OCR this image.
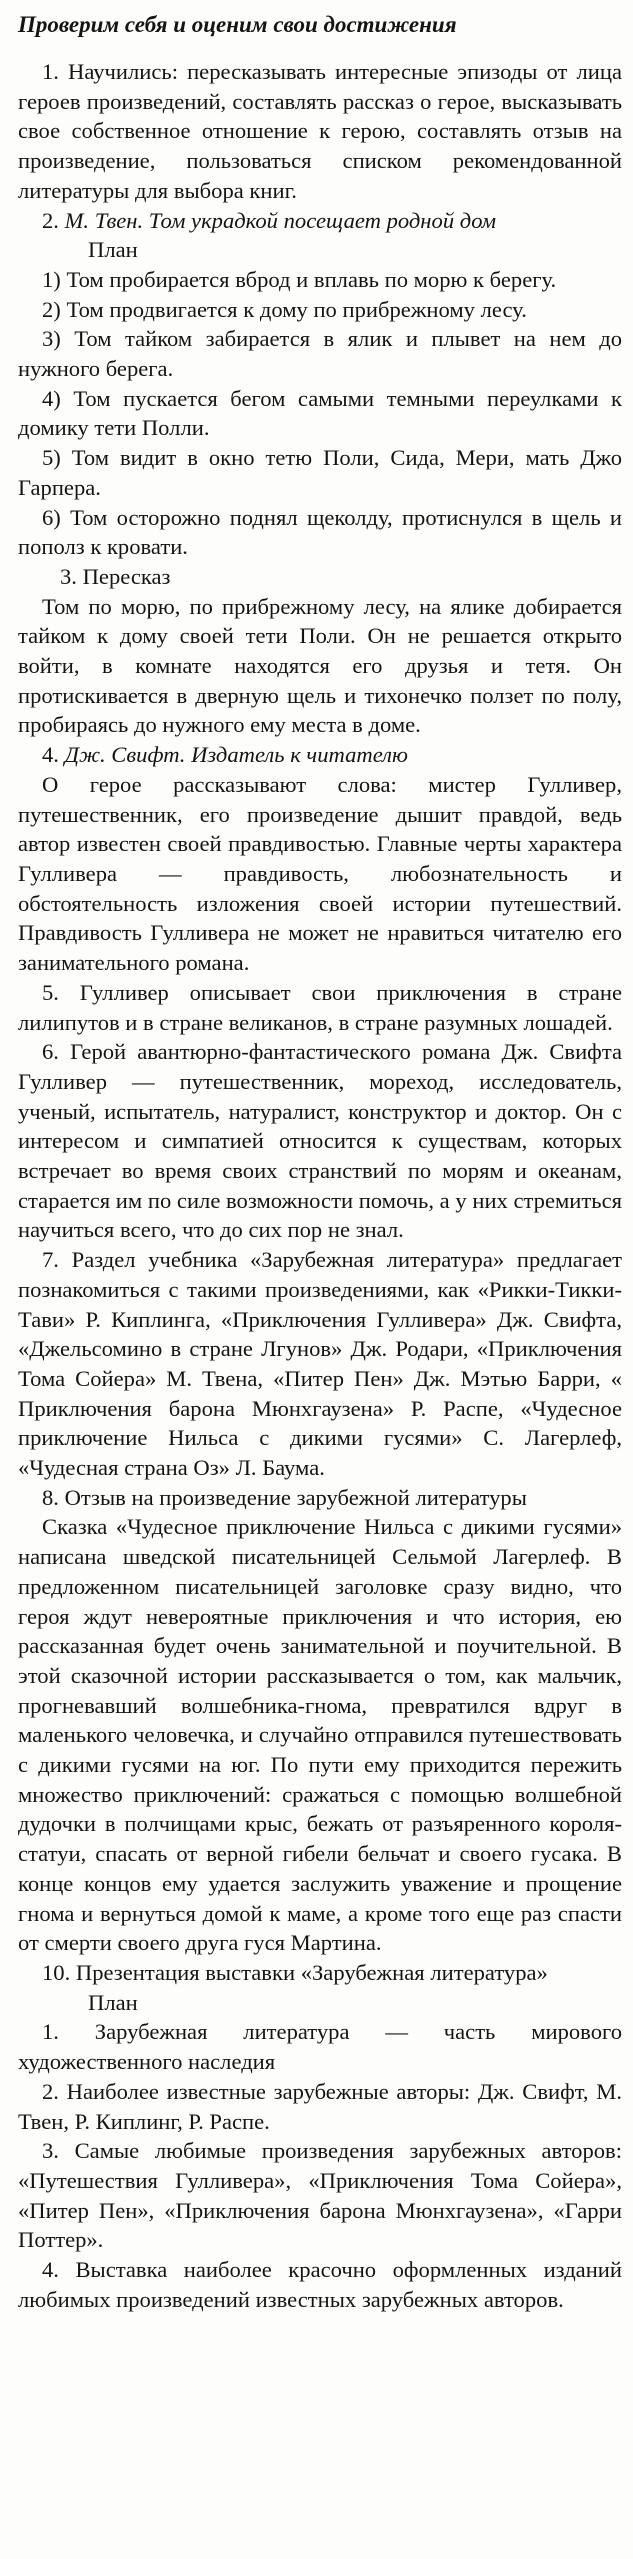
Проверим себя и оценим свои достижения

1. Научились: пересказывать интересные эпизоды от лица героев произведений, составлять рассказ о герое, высказывать свое собственное отношение к герою, составлять отзыв на произведение, пользоваться списком рекомендованной литературы для выбора книг.

2. М. Твен. Том украдкой посещает родной дом

План

1) Том пробирается вброд и вплавь по морю к берегу.

2) Том продвигается к дому по прибрежному лесу.

3) Том тайком забирается в ялик и плывет на нем до нужного берега.

4) Том пускается бегом самыми темными переулками к домику тети Полли.

5) Том видит в окно тетю Поли, Сида, Мери, мать Джо Гарпера.

6) Том осторожно поднял щеколду, протиснулся в щель и пополз к кровати.

3. Пересказ

Том по морю, по прибрежному лесу, на ялике добирается тайком к дому своей тети Поли. Он не решается открыто войти, в комнате находятся его друзья и тетя. Он протискивается в дверную щель и тихонечко ползет по полу, пробираясь до нужного ему места в доме.

4. Дж. Свифт. Издатель к читателю

О герое рассказывают слова: мистер Гулливер, путешественник, его произведение дышит правдой, ведь автор известен своей правдивостью. Главные черты характера Гулливера — правдивость, любознательность и обстоятельность изложения своей истории путешествий. Правдивость Гулливера не может не нравиться читателю его занимательного романа.

5. Гулливер описывает свои приключения в стране лилипутов и в стране великанов, в стране разумных лошадей.

6. Герой авантюрно-фантастического романа Дж. Свифта Гулливер — путешественник, мореход, исследователь, ученый, испытатель, натуралист, конструктор и доктор. Он с интересом и симпатией относится к существам, которых встречает во время своих странствий по морям и океанам, старается им по силе возможности помочь, а у них стремиться научиться всего, что до сих пор не знал.

7. Раздел учебника «Зарубежная литература» предлагает познакомиться с такими произведениями, как «Рикки-Тикки-Тави» Р. Киплинга, «Приключения Гулливера» Дж. Свифта, «Джельсомино в стране Лгунов» Дж. Родари, «Приключения Тома Сойера» М. Твена, «Питер Пен» Дж. Мэтью Барри, « Приключения барона Мюнхгаузена» Р. Распе, «Чудесное приключение Нильса с дикими гусями» С. Лагерлеф, «Чудесная страна Оз» Л. Баума.

8. Отзыв на произведение зарубежной литературы

Сказка «Чудесное приключение Нильса с дикими гусями» написана шведской писательницей Сельмой Лагерлеф. В предложенном писательницей заголовке сразу видно, что героя ждут невероятные приключения и что история, ею рассказанная будет очень занимательной и поучительной. В этой сказочной истории рассказывается о том, как мальчик, прогневавший волшебника-гнома, превратился вдруг в маленького человечка, и случайно отправился путешествовать с дикими гусями на юг. По пути ему приходится пережить множество приключений: сражаться с помощью волшебной дудочки в полчищами крыс, бежать от разъяренного короля-статуи, спасать от верной гибели бельчат и своего гусака. В конце концов ему удается заслужить уважение и прощение гнома и вернуться домой к маме, а кроме того еще раз спасти от смерти своего друга гуся Мартина.

10. Презентация выставки «Зарубежная литература»

План

1. Зарубежная литература — часть мирового художественного наследия

2. Наиболее известные зарубежные авторы: Дж. Свифт, М. Твен, Р. Киплинг, Р. Распе.

3. Самые любимые произведения зарубежных авторов: «Путешествия Гулливера», «Приключения Тома Сойера», «Питер Пен», «Приключения барона Мюнхгаузена», «Гарри Поттер».

4. Выставка наиболее красочно оформленных изданий любимых произведений известных зарубежных авторов.
